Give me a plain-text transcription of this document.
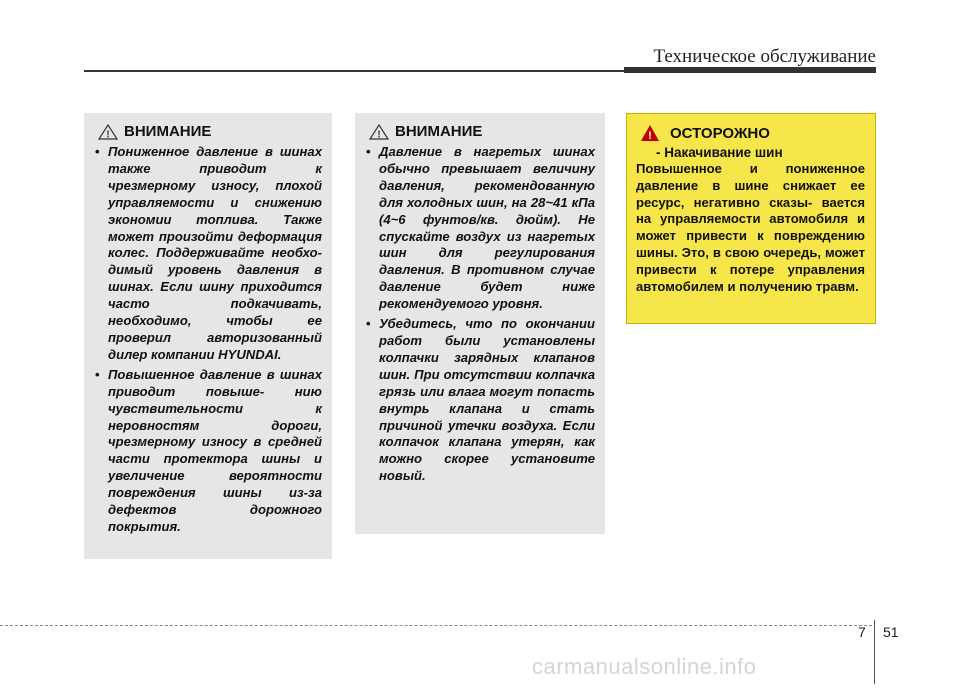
Техническое обслуживание
! ВНИМАНИЕ
• Пониженное давление в шинах также приводит к чрезмерному износу, плохой управляемости и снижению экономии топлива. Также может произойти деформация колес. Поддерживайте необхо- димый уровень давления в шинах. Если шину приходится часто подкачивать, необходимо, чтобы ее проверил авторизованный дилер компании HYUNDAI.
• Повышенное давление в шинах приводит повыше- нию чувствительности к неровностям дороги, чрезмерному износу в средней части протектора шины и увеличение вероятности повреждения шины из-за дефектов дорожного покрытия.
! ВНИМАНИЕ
• Давление в нагретых шинах обычно превышает величину давления, рекомендованную для холодных шин, на 28~41 кПа (4~6 фунтов/кв. дюйм). Не спускайте воздух из нагретых шин для регулирования давления. В противном случае давление будет ниже рекомендуемого уровня.
• Убедитесь, что по окончании работ были установлены колпачки зарядных клапанов шин. При отсутствии колпачка грязь или влага могут попасть внутрь клапана и стать причиной утечки воздуха. Если колпачок клапана утерян, как можно скорее установите новый.
! ОСТОРОЖНО
- Накачивание шин
Повышенное и пониженное давление в шине снижает ее ресурс, негативно сказы- вается на управляемости автомобиля и может привести к повреждению шины. Это, в свою очередь, может привести к потере управления автомобилем и получению травм.
7 51
carmanualsonline.info
